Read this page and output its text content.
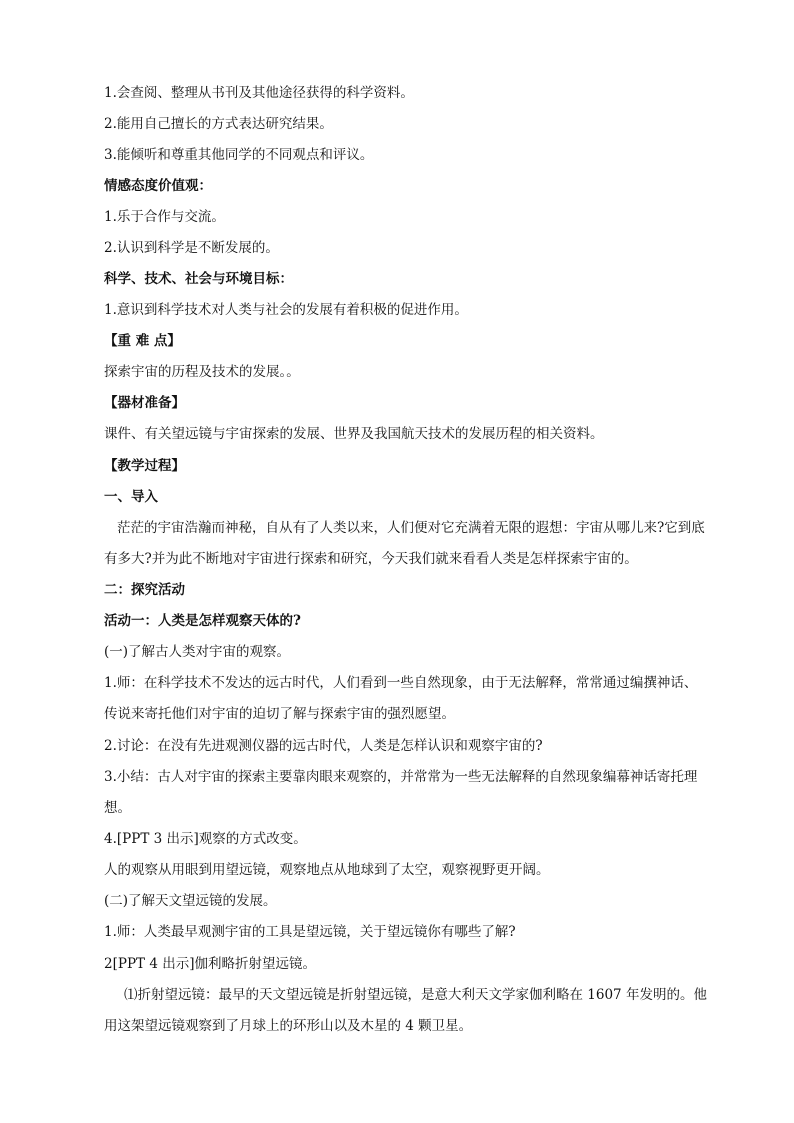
1.会查阅、整理从书刊及其他途径获得的科学资料。
2.能用自己擅长的方式表达研究结果。
3.能倾听和尊重其他同学的不同观点和评议。
情感态度价值观：
1.乐于合作与交流。
2.认识到科学是不断发展的。
科学、技术、社会与环境目标：
1.意识到科学技术对人类与社会的发展有着积极的促进作用。
【重 难 点】
探索宇宙的历程及技术的发展。。
【器材准备】
课件、有关望远镜与宇宙探索的发展、世界及我国航天技术的发展历程的相关资料。
【教学过程】
一、导入
茫茫的宇宙浩瀚而神秘，自从有了人类以来，人们便对它充满着无限的遐想：宇宙从哪儿来?它到底
有多大?并为此不断地对宇宙进行探索和研究，今天我们就来看看人类是怎样探索宇宙的。
二：探究活动
活动一：人类是怎样观察天体的?
(一)了解古人类对宇宙的观察。
1.师：在科学技术不发达的远古时代，人们看到一些自然现象，由于无法解释，常常通过编撰神话、
传说来寄托他们对宇宙的迫切了解与探索宇宙的强烈愿望。
2.讨论：在没有先进观测仪器的远古时代，人类是怎样认识和观察宇宙的?
3.小结：古人对宇宙的探索主要靠肉眼来观察的，并常常为一些无法解释的自然现象编幕神话寄托理
想。
4.[PPT 3 出示]观察的方式改变。
人的观察从用眼到用望远镜，观察地点从地球到了太空，观察视野更开阔。
(二)了解天文望远镜的发展。
1.师：人类最早观测宇宙的工具是望远镜，关于望远镜你有哪些了解?
2[PPT 4 出示]伽利略折射望远镜。
⑴折射望远镜：最早的天文望远镜是折射望远镜，是意大利天文学家伽利略在 1607 年发明的。他
用这架望远镜观察到了月球上的环形山以及木星的 4 颗卫星。
